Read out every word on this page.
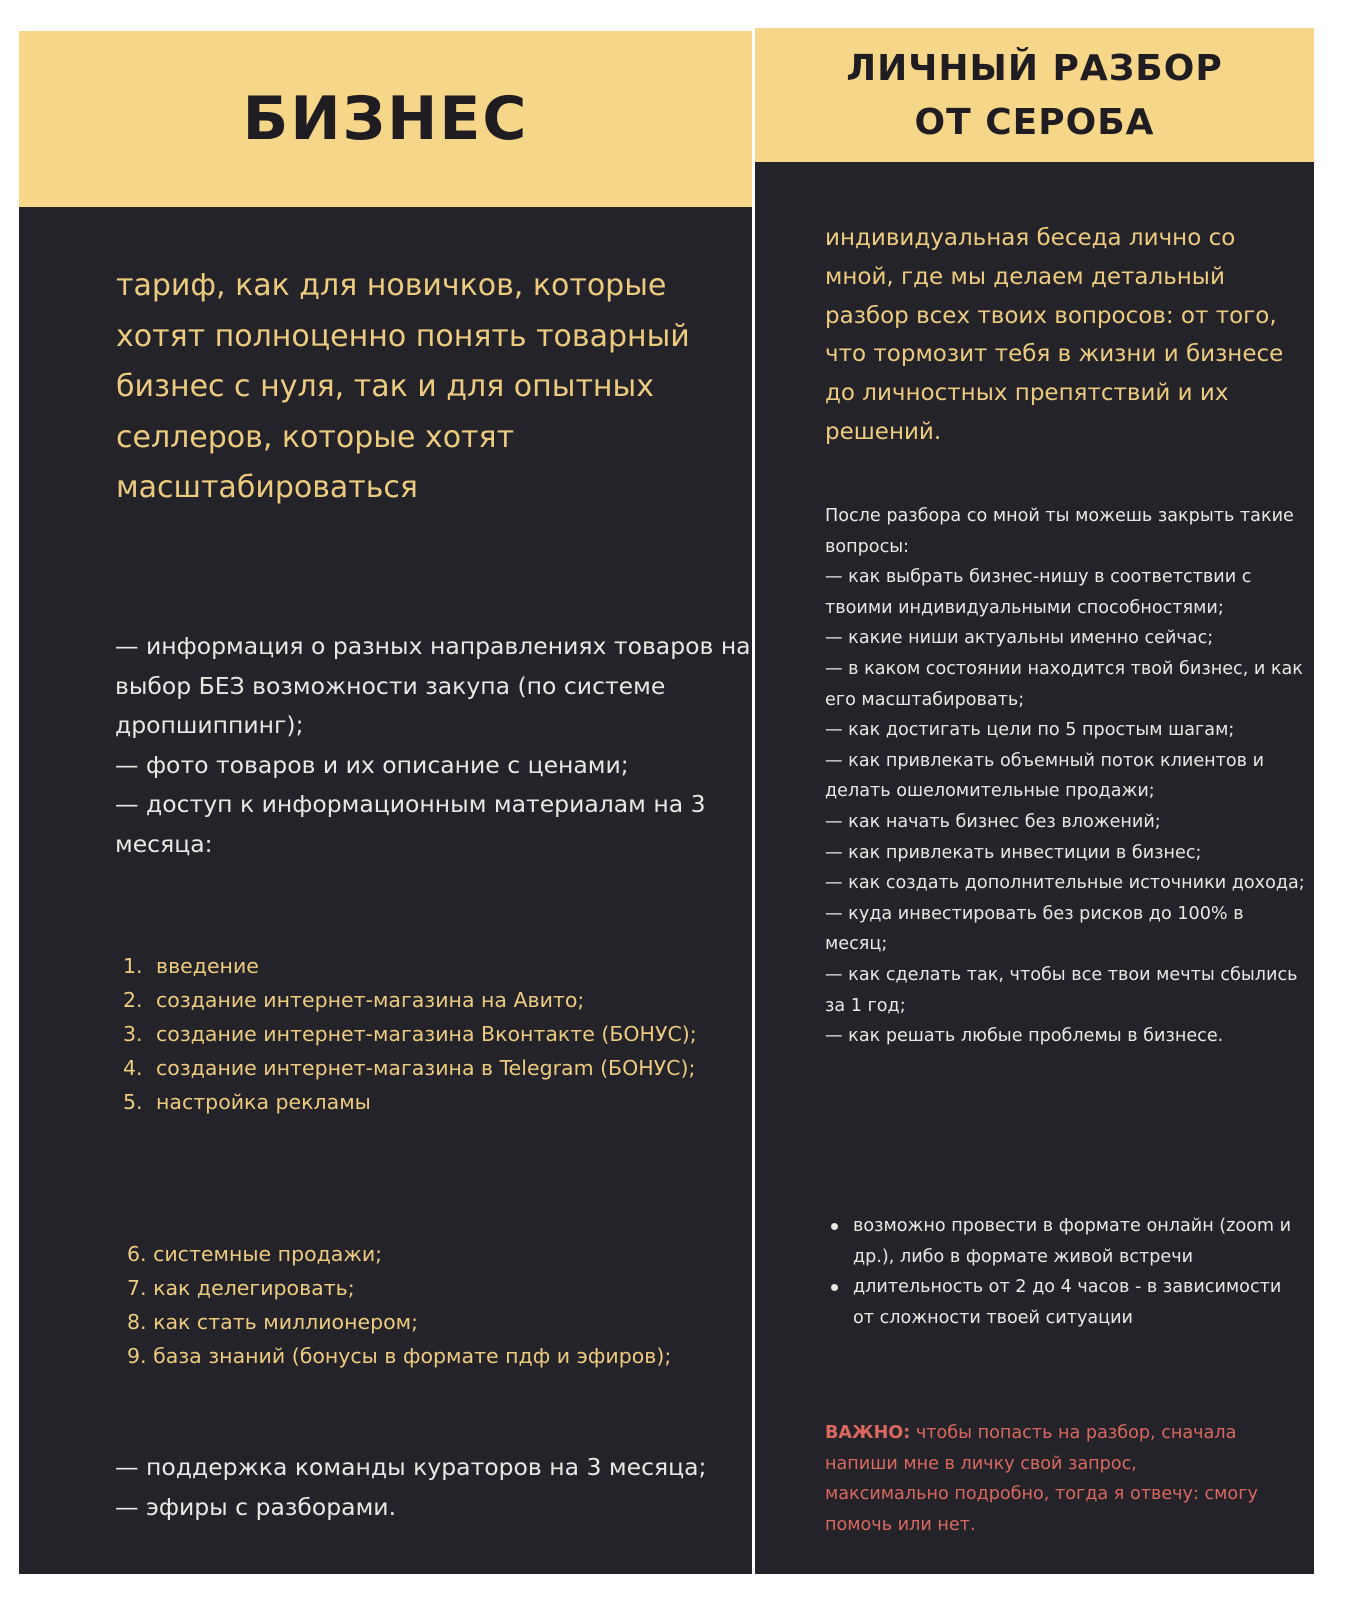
БИЗНЕС

тариф, как для новичков, которые хотят полноценно понять товарный бизнес с нуля, так и для опытных селлеров, которые хотят масштабироваться

— информация о разных направлениях товаров на выбор БЕЗ возможности закупа (по системе дропшиппинг);

— фото товаров и их описание с ценами;

— доступ к информационным материалам на 3 месяца:

1. введение
2. создание интернет-магазина на Авито;
3. создание интернет-магазина Вконтакте (БОНУС);
4. создание интернет-магазина в Telegram (БОНУС);
5. настройка рекламы
6. системные продажи;
7. как делегировать;
8. как стать миллионером;
9. база знаний (бонусы в формате пдф и эфиров);

— поддержка команды кураторов на 3 месяца;

— эфиры с разборами.

ЛИЧНЫЙ РАЗБОР
ОТ СЕРОБА

индивидуальная беседа лично со мной, где мы делаем детальный разбор всех твоих вопросов: от того, что тормозит тебя в жизни и бизнесе до личностных препятствий и их решений.

После разбора со мной ты можешь закрыть такие вопросы:

— как выбрать бизнес-нишу в соответствии с твоими индивидуальными способностями;

— какие ниши актуальны именно сейчас;

— в каком состоянии находится твой бизнес, и как его масштабировать;

— как достигать цели по 5 простым шагам;

— как привлекать объемный поток клиентов и делать ошеломительные продажи;

— как начать бизнес без вложений;

— как привлекать инвестиции в бизнес;

— как создать дополнительные источники дохода;

— куда инвестировать без рисков до 100% в месяц;

— как сделать так, чтобы все твои мечты сбылись за 1 год;

— как решать любые проблемы в бизнесе.

возможно провести в формате онлайн (zoom и др.), либо в формате живой встречи
длительность от 2 до 4 часов - в зависимости от сложности твоей ситуации

ВАЖНО: чтобы попасть на разбор, сначала напиши мне в личку свой запрос, максимально подробно, тогда я отвечу: смогу помочь или нет.
